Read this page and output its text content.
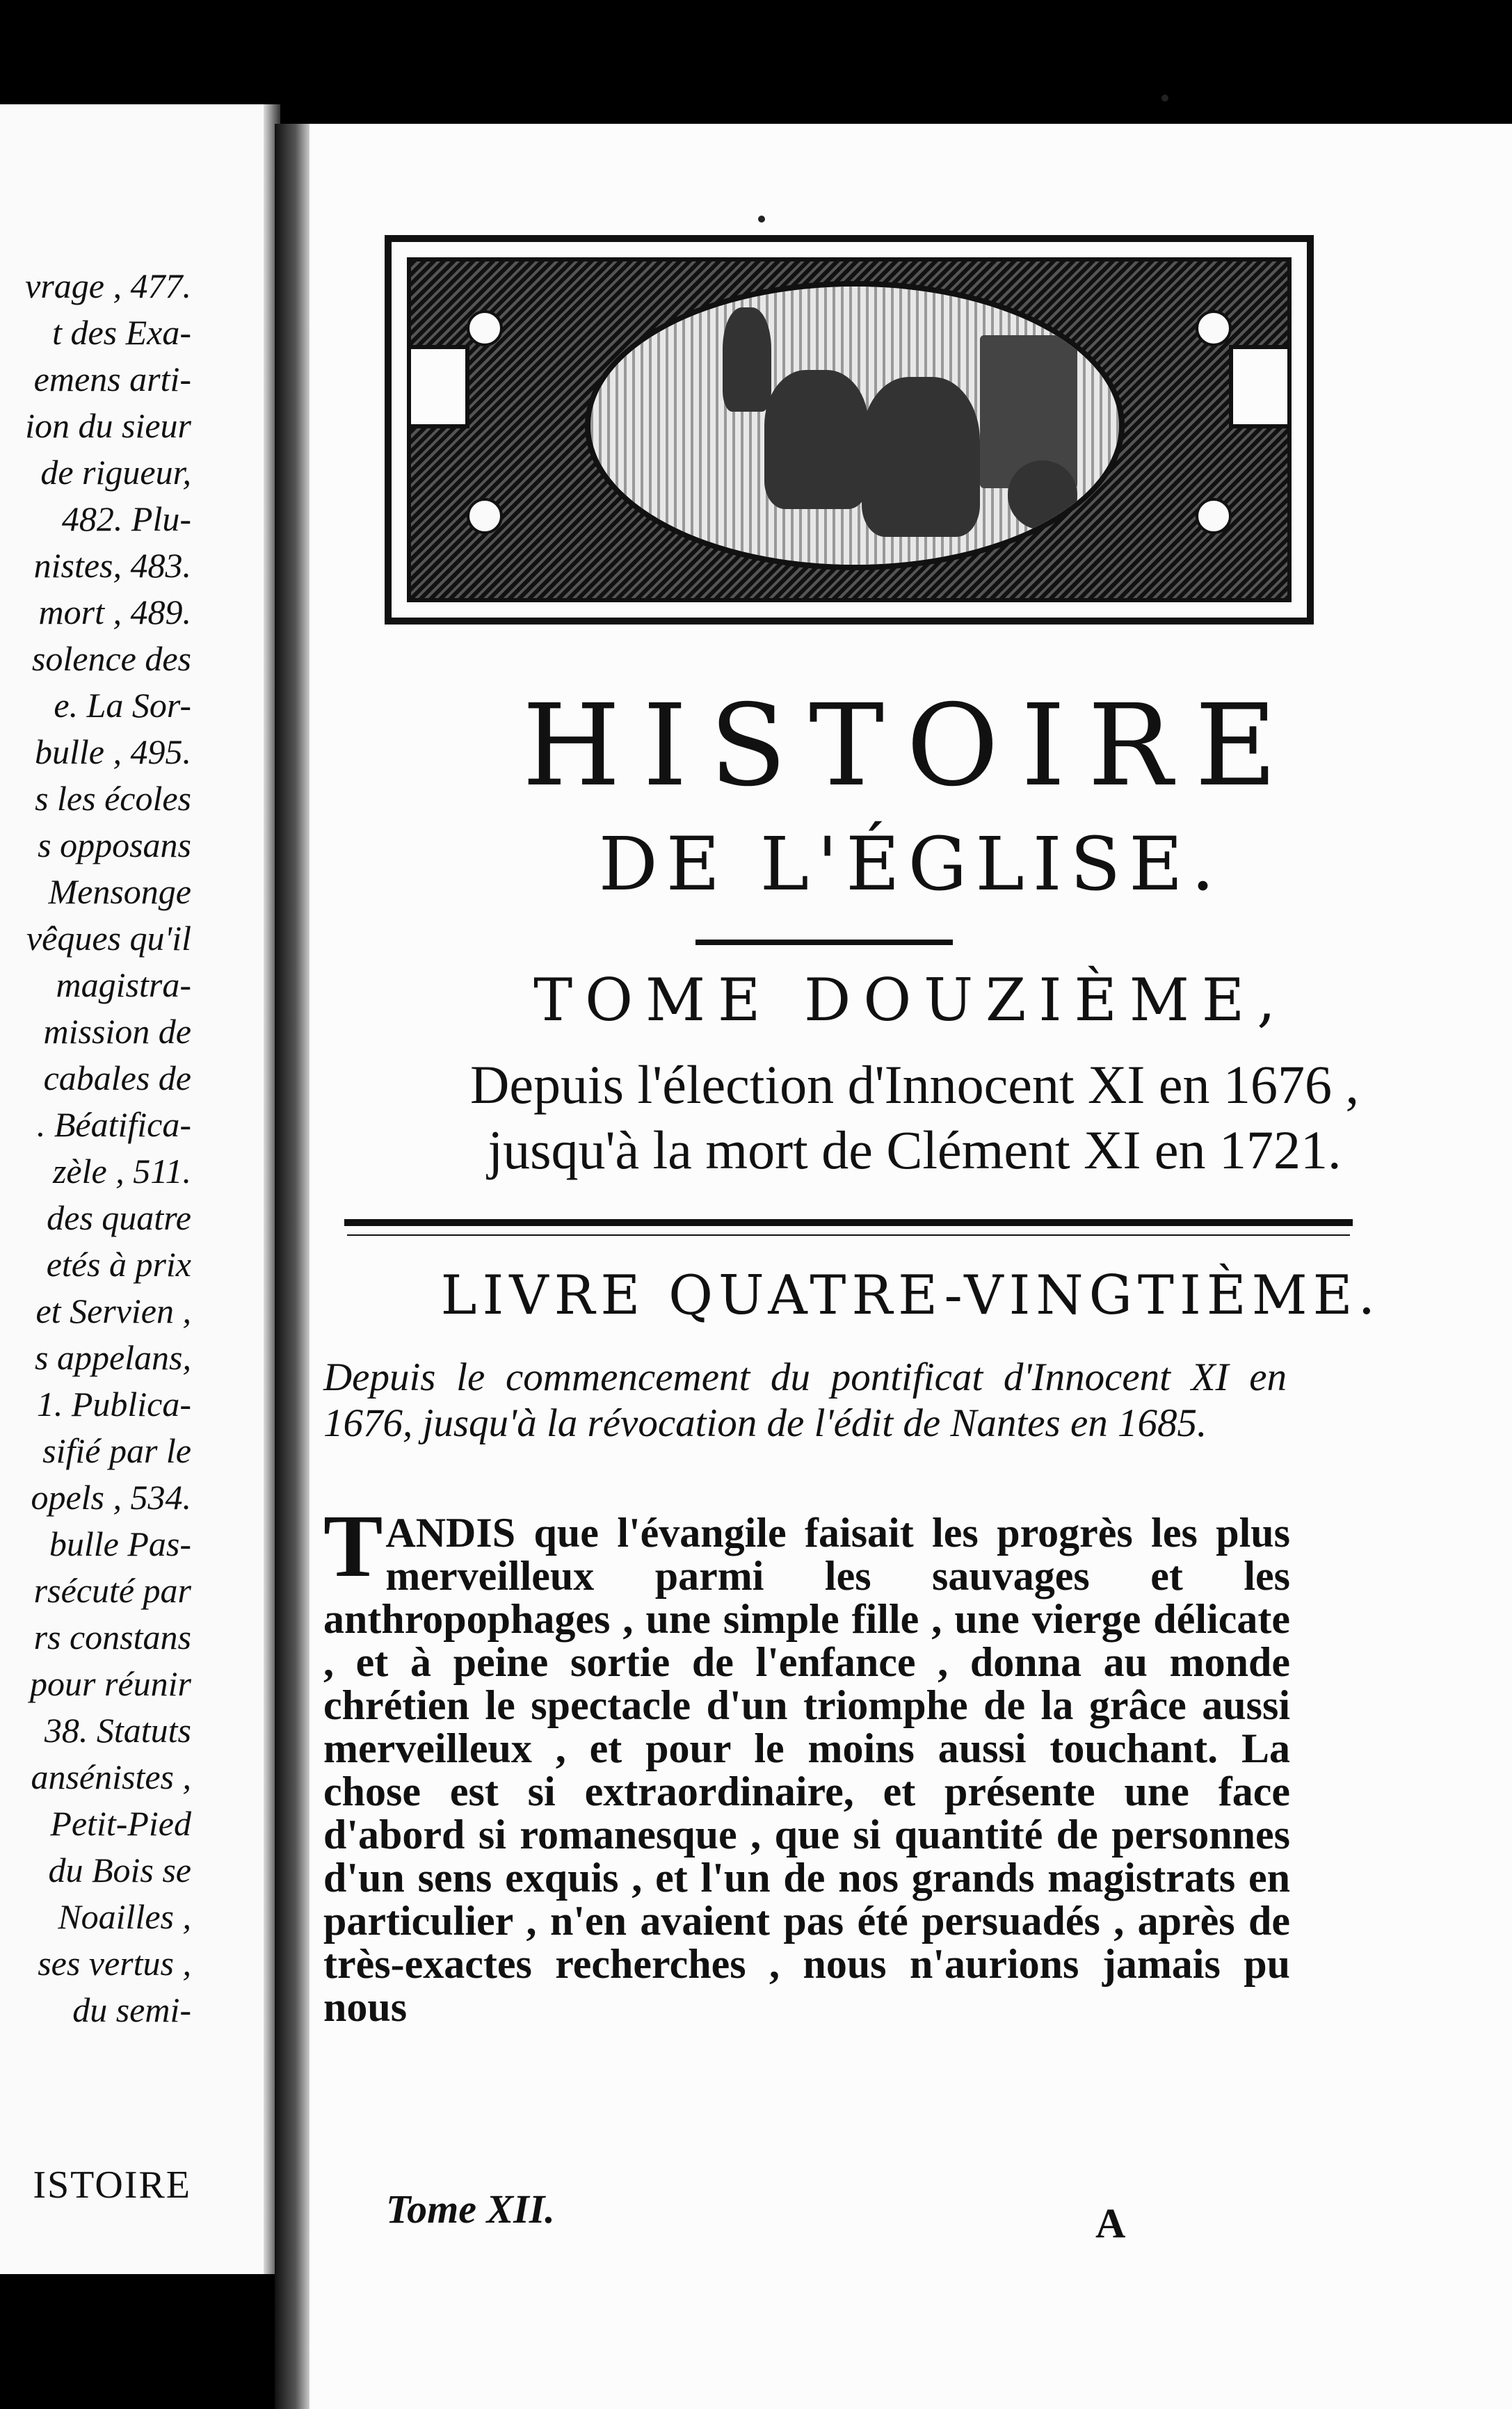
vrage , 477.
t des Exa-
emens arti-
ion du sieur
de rigueur,
482. Plu-
nistes, 483.
mort , 489.
solence des
e. La Sor-
bulle , 495.
s les écoles
s opposans
Mensonge
vêques qu'il
magistra-
mission de
cabales de
. Béatifica-
zèle , 511.
des quatre
etés à prix
et Servien ,
s appelans,
1. Publica-
sifié par le
opels , 534.
bulle Pas-
rsécuté par
rs constans
pour réunir
38. Statuts
ansénistes ,
Petit-Pied
du Bois se
Noailles ,
ses vertus ,
du semi-
ISTOIRE
HISTOIRE
DE L'ÉGLISE.
TOME DOUZIÈME,
Depuis l'élection d'Innocent XI en 1676 ,
jusqu'à la mort de Clément XI en 1721.
LIVRE QUATRE-VINGTIÈME.
Depuis le commencement du pontificat d'Innocent XI en 1676, jusqu'à la révocation de l'édit de Nantes en 1685.
TANDIS que l'évangile faisait les progrès les plus merveilleux parmi les sauvages et les anthropophages , une simple fille , une vierge délicate , et à peine sortie de l'enfance , donna au monde chrétien le spectacle d'un triomphe de la grâce aussi merveilleux , et pour le moins aussi touchant. La chose est si extraordinaire, et présente une face d'abord si romanesque , que si quantité de personnes d'un sens exquis , et l'un de nos grands magistrats en particulier , n'en avaient pas été persuadés , après de très-exactes recherches , nous n'aurions jamais pu nous
Tome XII.	A
